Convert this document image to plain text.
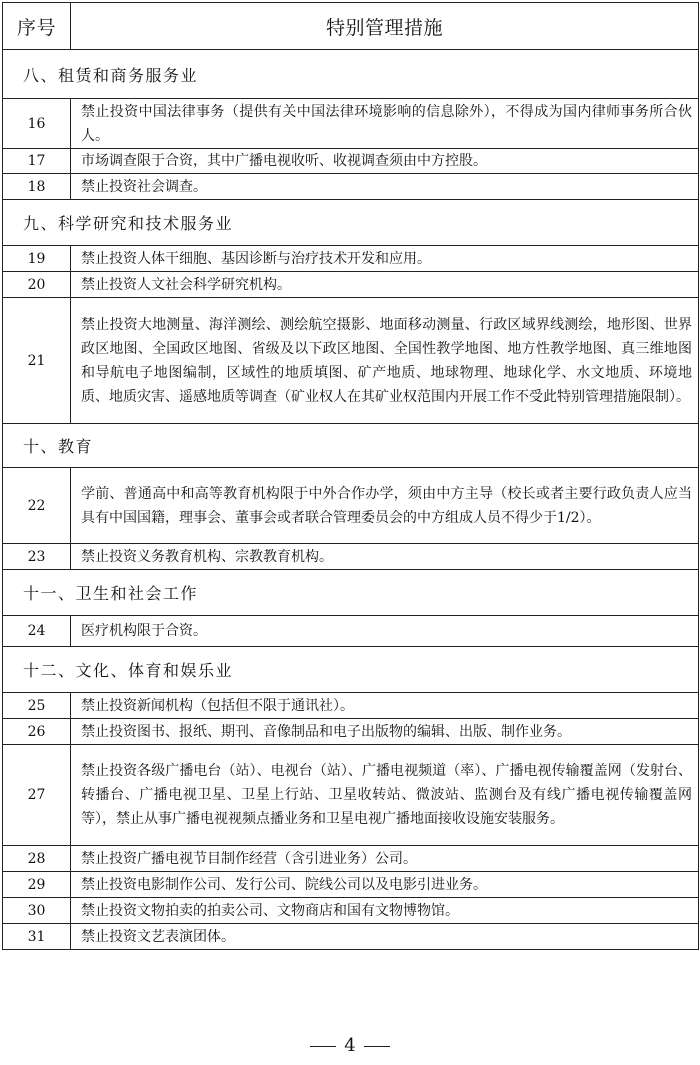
序号	特别管理措施
八、租赁和商务服务业	
16	禁止投资中国法律事务（提供有关中国法律环境影响的信息除外），不得成为国内律师事务所合伙人。
17	市场调查限于合资，其中广播电视收听、收视调查须由中方控股。
18	禁止投资社会调查。
九、科学研究和技术服务业	
19	禁止投资人体干细胞、基因诊断与治疗技术开发和应用。
20	禁止投资人文社会科学研究机构。
21	禁止投资大地测量、海洋测绘、测绘航空摄影、地面移动测量、行政区域界线测绘，地形图、世界政区地图、全国政区地图、省级及以下政区地图、全国性教学地图、地方性教学地图、真三维地图和导航电子地图编制，区域性的地质填图、矿产地质、地球物理、地球化学、水文地质、环境地质、地质灾害、遥感地质等调查（矿业权人在其矿业权范围内开展工作不受此特别管理措施限制）。
十、教育	
22	学前、普通高中和高等教育机构限于中外合作办学，须由中方主导（校长或者主要行政负责人应当具有中国国籍，理事会、董事会或者联合管理委员会的中方组成人员不得少于1/2）。
23	禁止投资义务教育机构、宗教教育机构。
十一、卫生和社会工作	
24	医疗机构限于合资。
十二、文化、体育和娱乐业	
25	禁止投资新闻机构（包括但不限于通讯社）。
26	禁止投资图书、报纸、期刊、音像制品和电子出版物的编辑、出版、制作业务。
27	禁止投资各级广播电台（站）、电视台（站）、广播电视频道（率）、广播电视传输覆盖网（发射台、转播台、广播电视卫星、卫星上行站、卫星收转站、微波站、监测台及有线广播电视传输覆盖网等），禁止从事广播电视视频点播业务和卫星电视广播地面接收设施安装服务。
28	禁止投资广播电视节目制作经营（含引进业务）公司。
29	禁止投资电影制作公司、发行公司、院线公司以及电影引进业务。
30	禁止投资文物拍卖的拍卖公司、文物商店和国有文物博物馆。
31	禁止投资文艺表演团体。
4
